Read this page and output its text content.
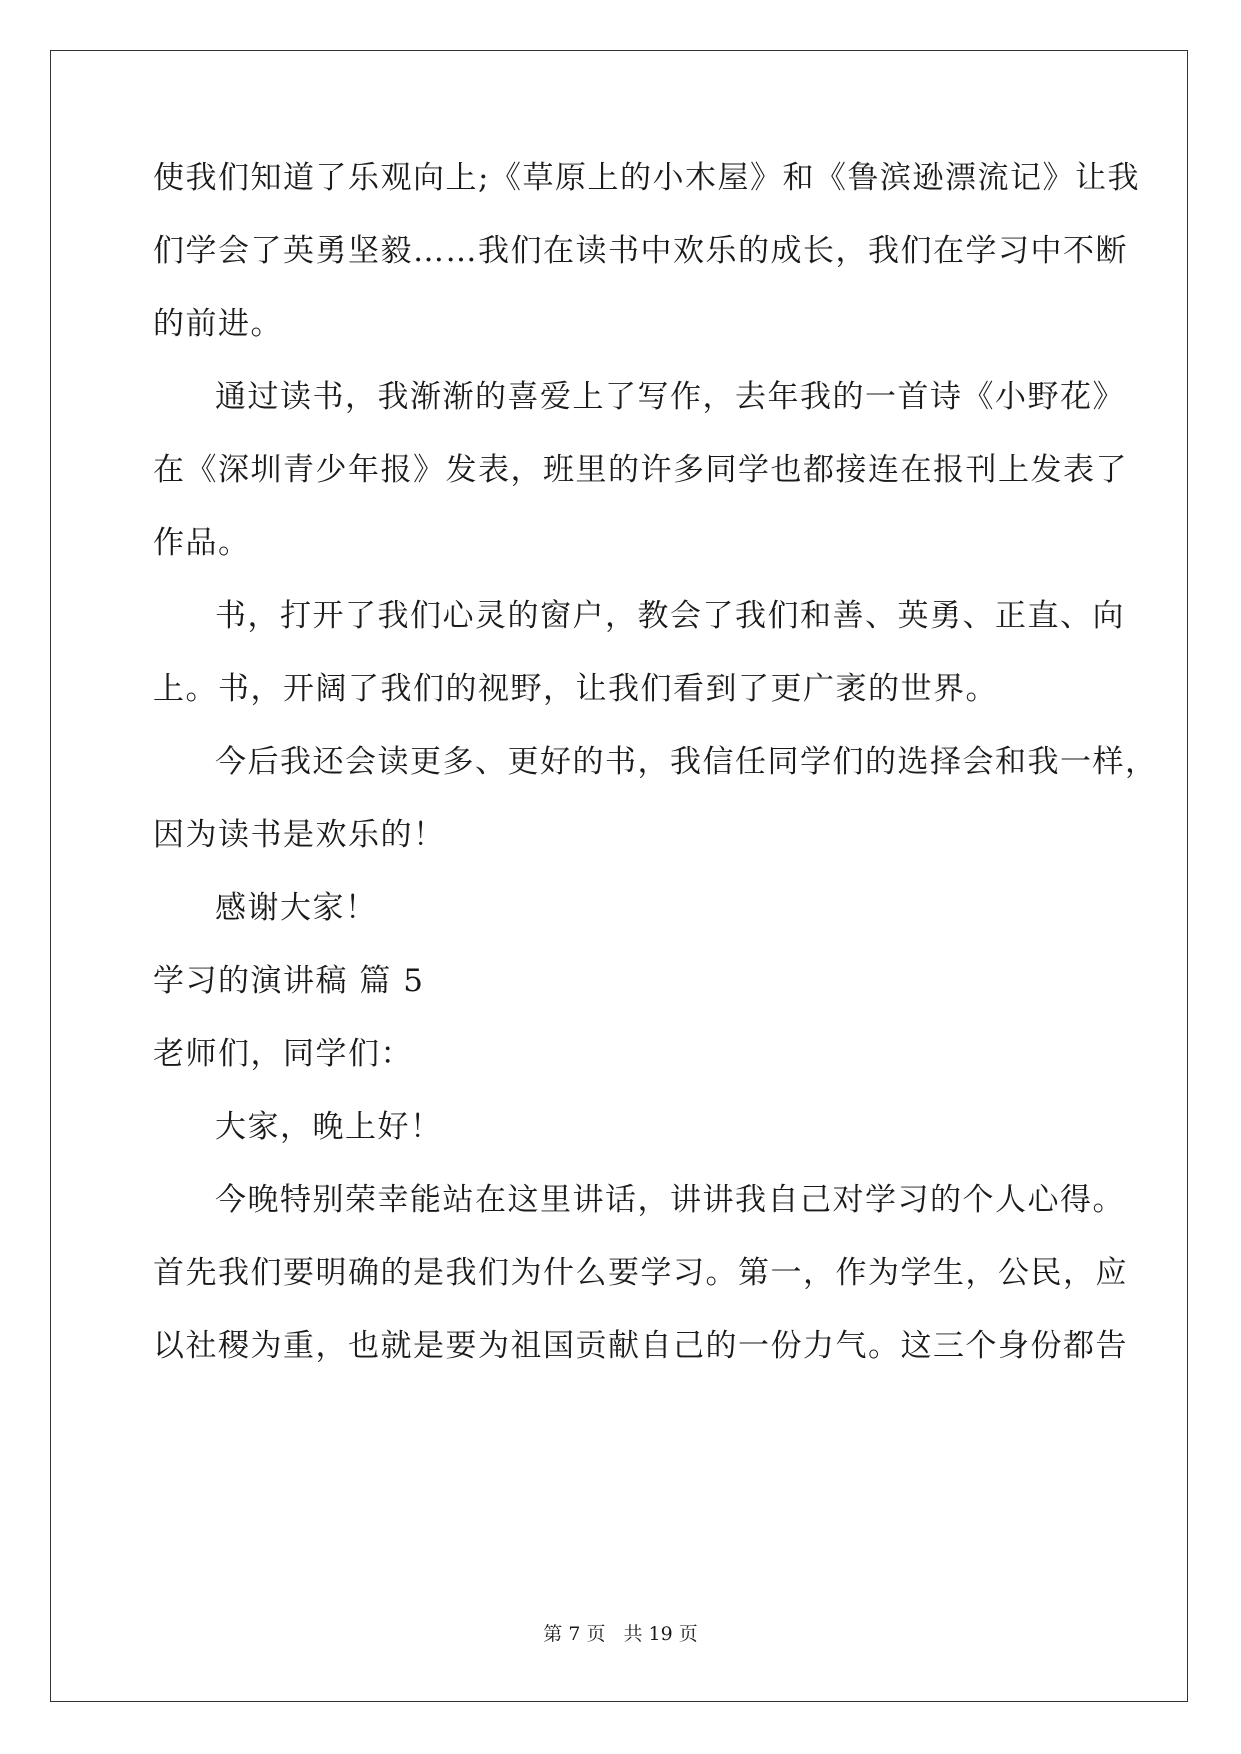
使我们知道了乐观向上;《草原上的小木屋》和《鲁滨逊漂流记》让我
们学会了英勇坚毅……我们在读书中欢乐的成长，我们在学习中不断
的前进。
通过读书，我渐渐的喜爱上了写作，去年我的一首诗《小野花》
在《深圳青少年报》发表，班里的许多同学也都接连在报刊上发表了
作品。
书，打开了我们心灵的窗户，教会了我们和善、英勇、正直、向
上。书，开阔了我们的视野，让我们看到了更广袤的世界。
今后我还会读更多、更好的书，我信任同学们的选择会和我一样，
因为读书是欢乐的！
感谢大家！
学习的演讲稿 篇 5
老师们，同学们：
大家，晚上好！
今晚特别荣幸能站在这里讲话，讲讲我自己对学习的个人心得。
首先我们要明确的是我们为什么要学习。第一，作为学生，公民，应
以社稷为重，也就是要为祖国贡献自己的一份力气。这三个身份都告
第 7 页 共 19 页
